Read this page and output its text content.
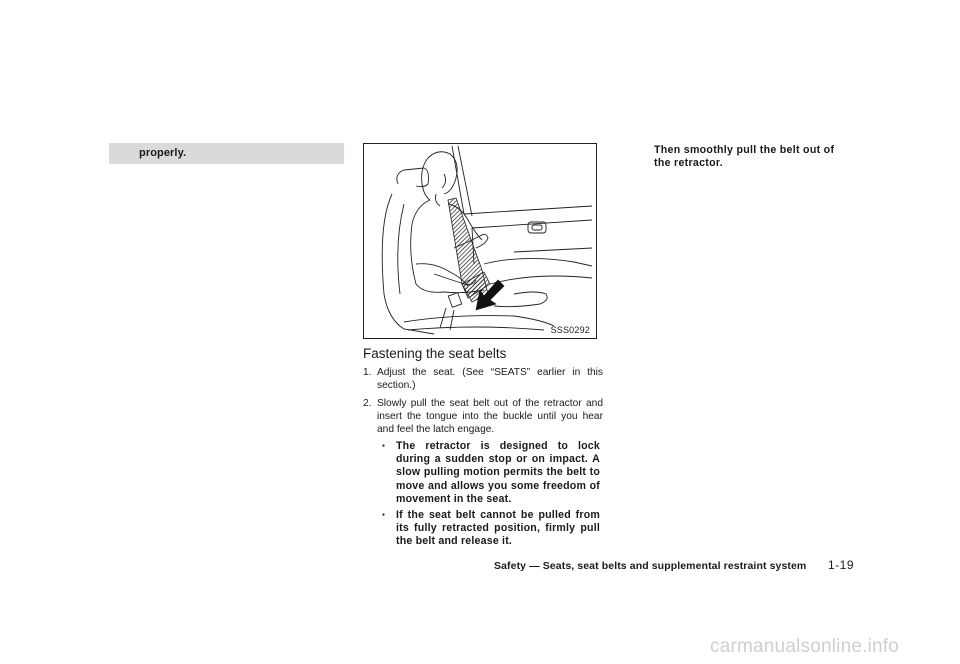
properly.
SSS0292
Fastening the seat belts
1. Adjust the seat. (See “SEATS” earlier in this section.)
2. Slowly pull the seat belt out of the retractor and insert the tongue into the buckle until you hear and feel the latch engage.
● The retractor is designed to lock during a sudden stop or on impact. A slow pulling motion permits the belt to move and allows you some freedom of movement in the seat.
● If the seat belt cannot be pulled from its fully retracted position, firmly pull the belt and release it.
Then smoothly pull the belt out of the retractor.
Safety — Seats, seat belts and supplemental restraint system 1-19
carmanualsonline.info
